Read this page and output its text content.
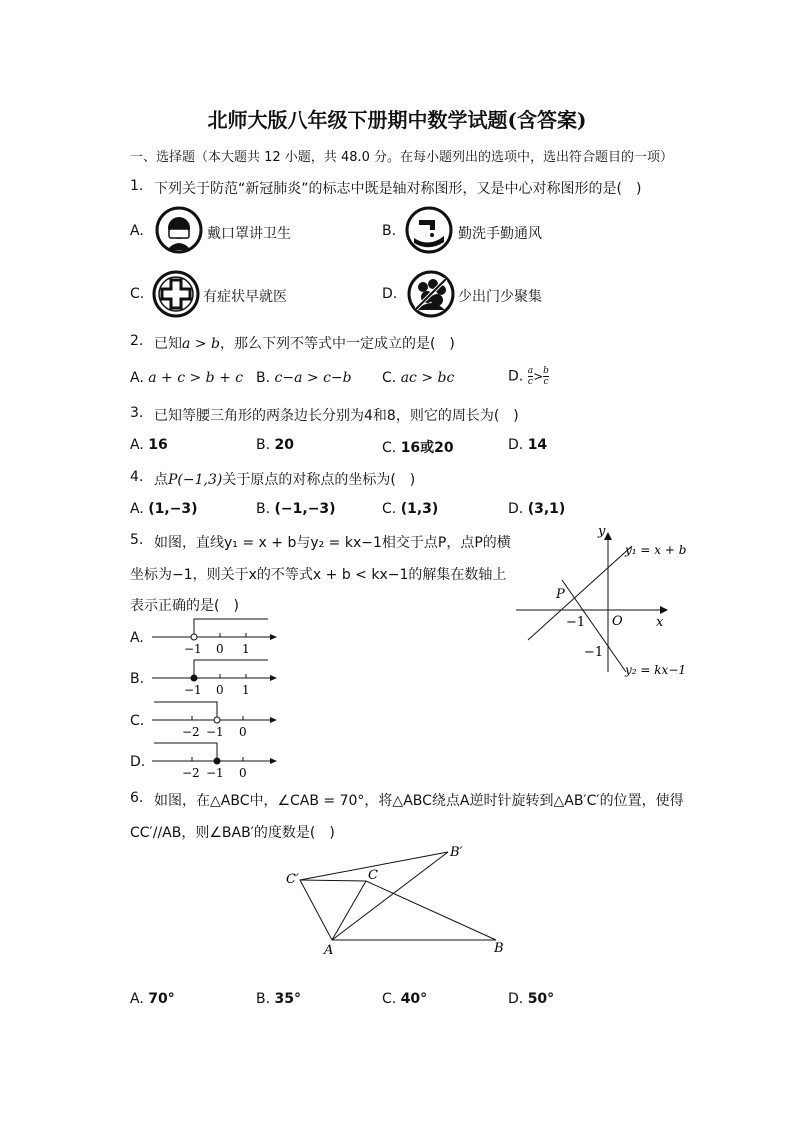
北师大版八年级下册期中数学试题(含答案)
一、选择题（本大题共 12 小题，共 48.0 分。在每小题列出的选项中，选出符合题目的一项）
1. 下列关于防范“新冠肺炎”的标志中既是轴对称图形，又是中心对称图形的是(　)
A.	戴口罩讲卫生	B.	勤洗手勤通风
C.	有症状早就医	D.	少出门少聚集
2. 已知a > b，那么下列不等式中一定成立的是(　)
A. a + c > b + c B. c−a > c−b C. ac > bc	D. $\frac{a}{c} > \frac{b}{c}$
3. 已知等腰三角形的两条边长分别为4和8，则它的周长为(　)
A. 16	B. 20	C. 16或20	D. 14
4. 点P(−1,3)关于原点的对称点的坐标为(　)
A. (1,−3)	B. (−1,−3)	C. (1,3)	D. (3,1)
5. 如图，直线y₁ = x + b与y₂ = kx−1相交于点P，点P的横
坐标为−1，则关于x的不等式x + b < kx−1的解集在数轴上
表示正确的是(　)
y
x
O
P
−1
−1
y₁ = x + b
y₂ = kx−1
A.
−1 0 1
B.
−1 0 1
C.
−2 −1 0
D.
−2 −1 0
6. 如图，在△ABC中，∠CAB = 70°，将△ABC绕点A逆时针旋转到△AB′C′的位置，使得
CC′//AB，则∠BAB′的度数是(　)
A	B
C
B′
C′
A. 70°	B. 35°	C. 40°	D. 50°
